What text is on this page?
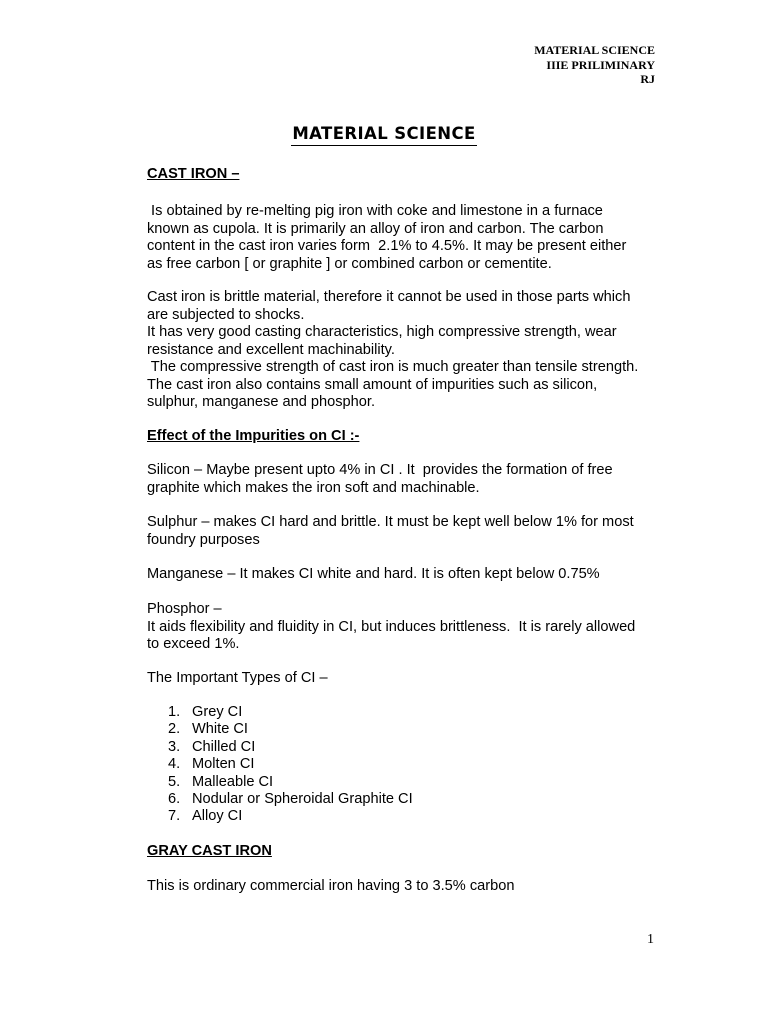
MATERIAL SCIENCE
IIIE PRILIMINARY
RJ
MATERIAL SCIENCE
CAST IRON –
Is obtained by re-melting pig iron with coke and limestone in a furnace
known as cupola. It is primarily an alloy of iron and carbon. The carbon
content in the cast iron varies form  2.1% to 4.5%. It may be present either
as free carbon [ or graphite ] or combined carbon or cementite.
Cast iron is brittle material, therefore it cannot be used in those parts which
are subjected to shocks.
It has very good casting characteristics, high compressive strength, wear
resistance and excellent machinability.
The compressive strength of cast iron is much greater than tensile strength.
The cast iron also contains small amount of impurities such as silicon,
sulphur, manganese and phosphor.
Effect of the Impurities on CI :-
Silicon – Maybe present upto 4% in CI . It  provides the formation of free
graphite which makes the iron soft and machinable.
Sulphur – makes CI hard and brittle. It must be kept well below 1% for most
foundry purposes
Manganese – It makes CI white and hard. It is often kept below 0.75%
Phosphor –
It aids flexibility and fluidity in CI, but induces brittleness.  It is rarely allowed
to exceed 1%.
The Important Types of CI –
1. Grey CI
2. White CI
3. Chilled CI
4. Molten CI
5. Malleable CI
6. Nodular or Spheroidal Graphite CI
7. Alloy CI
GRAY CAST IRON
This is ordinary commercial iron having 3 to 3.5% carbon
1
